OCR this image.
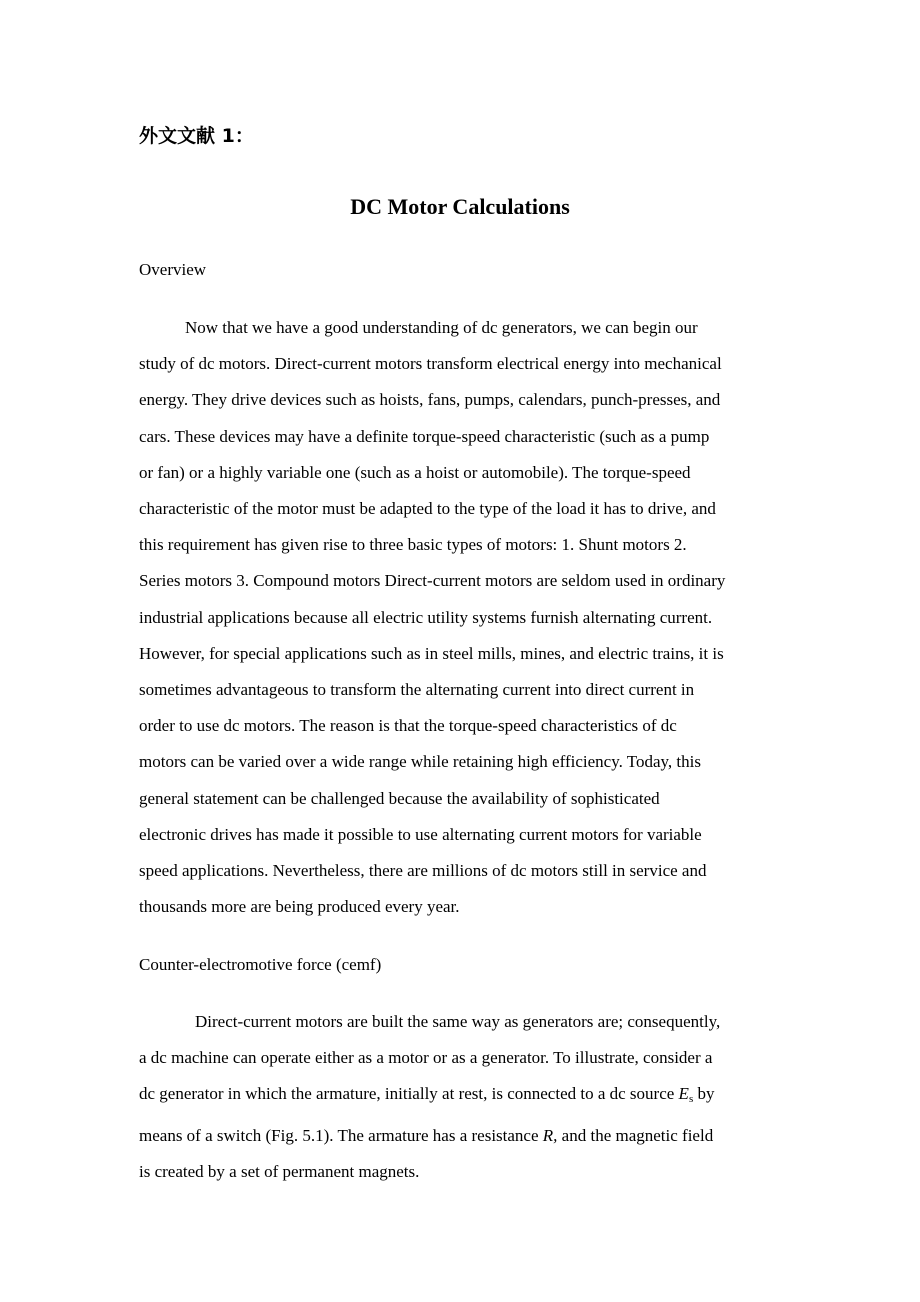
外文文献 1：
DC Motor Calculations
Overview
Now that we have a good understanding of dc generators, we can begin our
study of dc motors. Direct-current motors transform electrical energy into mechanical
energy. They drive devices such as hoists, fans, pumps, calendars, punch-presses, and
cars. These devices may have a definite torque-speed characteristic (such as a pump
or fan) or a highly variable one (such as a hoist or automobile). The torque-speed
characteristic of the motor must be adapted to the type of the load it has to drive, and
this requirement has given rise to three basic types of motors: 1. Shunt motors 2.
Series motors 3. Compound motors Direct-current motors are seldom used in ordinary
industrial applications because all electric utility systems furnish alternating current.
However, for special applications such as in steel mills, mines, and electric trains, it is
sometimes advantageous to transform the alternating current into direct current in
order to use dc motors. The reason is that the torque-speed characteristics of dc
motors can be varied over a wide range while retaining high efficiency. Today, this
general statement can be challenged because the availability of sophisticated
electronic drives has made it possible to use alternating current motors for variable
speed applications. Nevertheless, there are millions of dc motors still in service and
thousands more are being produced every year.
Counter-electromotive force (cemf)
Direct-current motors are built the same way as generators are; consequently,
a dc machine can operate either as a motor or as a generator. To illustrate, consider a
dc generator in which the armature, initially at rest, is connected to a dc source $E_s$ by
means of a switch (Fig. 5.1). The armature has a resistance R, and the magnetic field
is created by a set of permanent magnets.
